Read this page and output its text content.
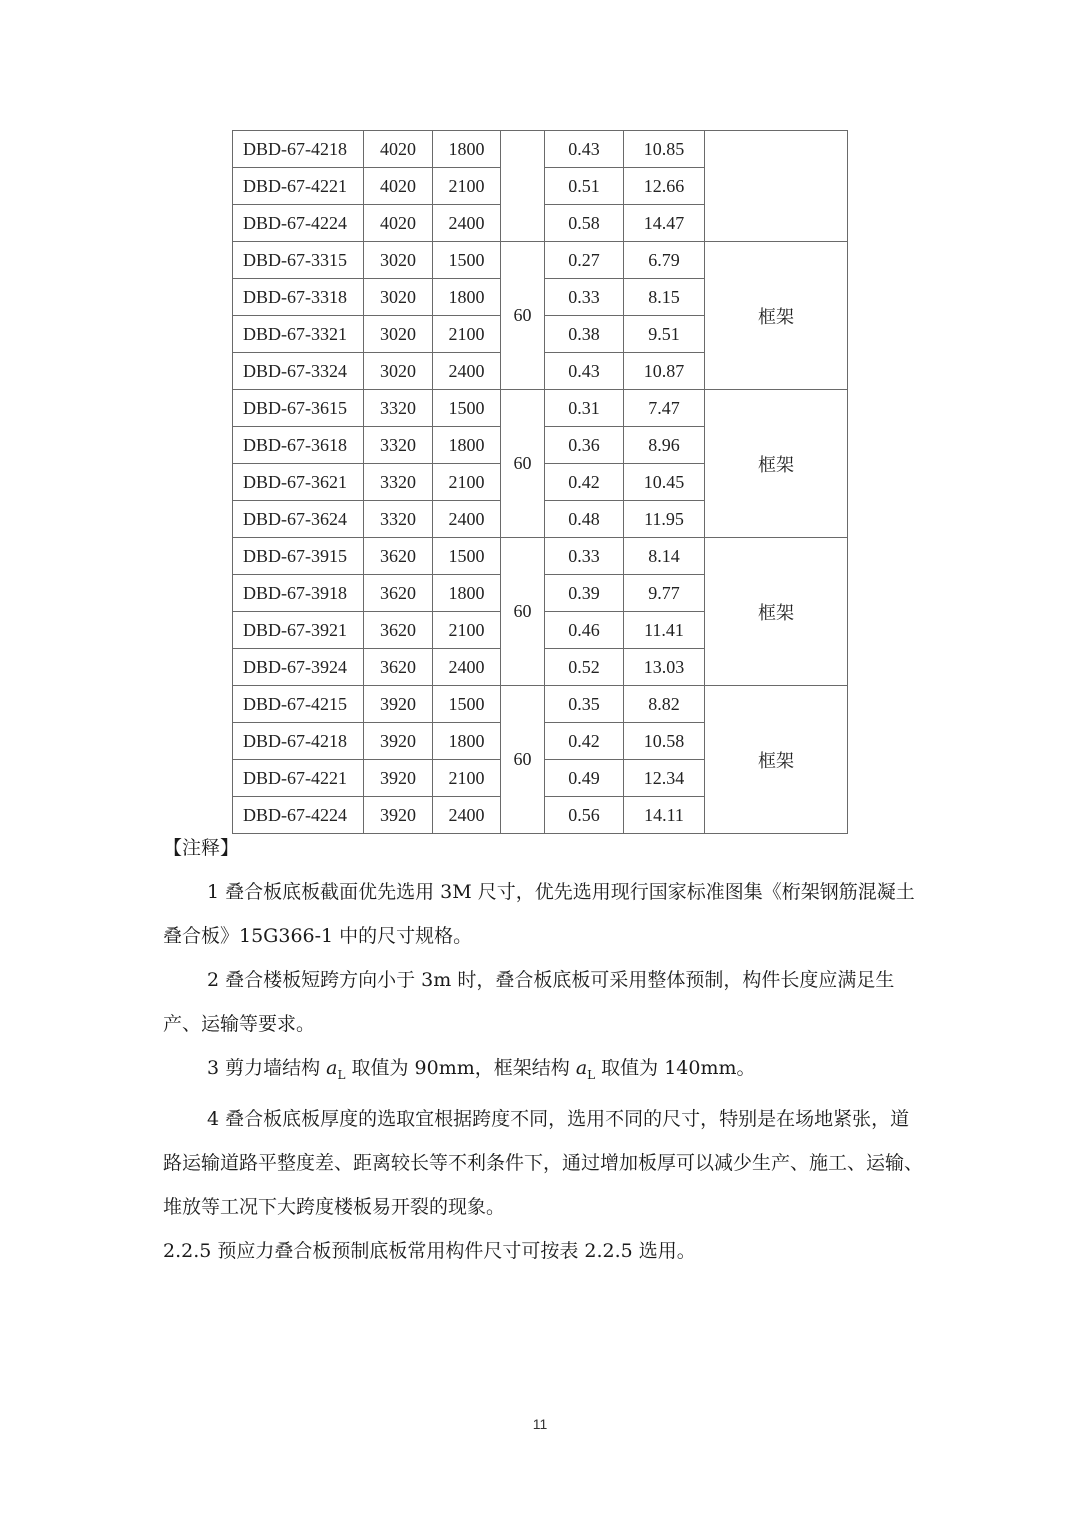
DBD-67-4218	4020	1800		0.43	10.85	
DBD-67-4221	4020	2100		0.51	12.66	
DBD-67-4224	4020	2400		0.58	14.47	
DBD-67-3315	3020	1500	60	0.27	6.79	框架
DBD-67-3318	3020	1800		0.33	8.15	
DBD-67-3321	3020	2100		0.38	9.51	
DBD-67-3324	3020	2400		0.43	10.87	
DBD-67-3615	3320	1500	60	0.31	7.47	框架
DBD-67-3618	3320	1800		0.36	8.96	
DBD-67-3621	3320	2100		0.42	10.45	
DBD-67-3624	3320	2400		0.48	11.95	
DBD-67-3915	3620	1500	60	0.33	8.14	框架
DBD-67-3918	3620	1800		0.39	9.77	
DBD-67-3921	3620	2100		0.46	11.41	
DBD-67-3924	3620	2400		0.52	13.03	
DBD-67-4215	3920	1500	60	0.35	8.82	框架
DBD-67-4218	3920	1800		0.42	10.58	
DBD-67-4221	3920	2100		0.49	12.34	
DBD-67-4224	3920	2400		0.56	14.11	

【注释】

1 叠合板底板截面优先选用 3M 尺寸，优先选用现行国家标准图集《桁架钢筋混凝土叠合板》15G366-1 中的尺寸规格。

2 叠合楼板短跨方向小于 3m 时，叠合板底板可采用整体预制，构件长度应满足生产、运输等要求。

3 剪力墙结构 $a_L$ 取值为 90mm，框架结构 $a_L$ 取值为 140mm。

4 叠合板底板厚度的选取宜根据跨度不同，选用不同的尺寸，特别是在场地紧张，道路运输道路平整度差、距离较长等不利条件下，通过增加板厚可以减少生产、施工、运输、堆放等工况下大跨度楼板易开裂的现象。

2.2.5 预应力叠合板预制底板常用构件尺寸可按表 2.2.5 选用。

11
